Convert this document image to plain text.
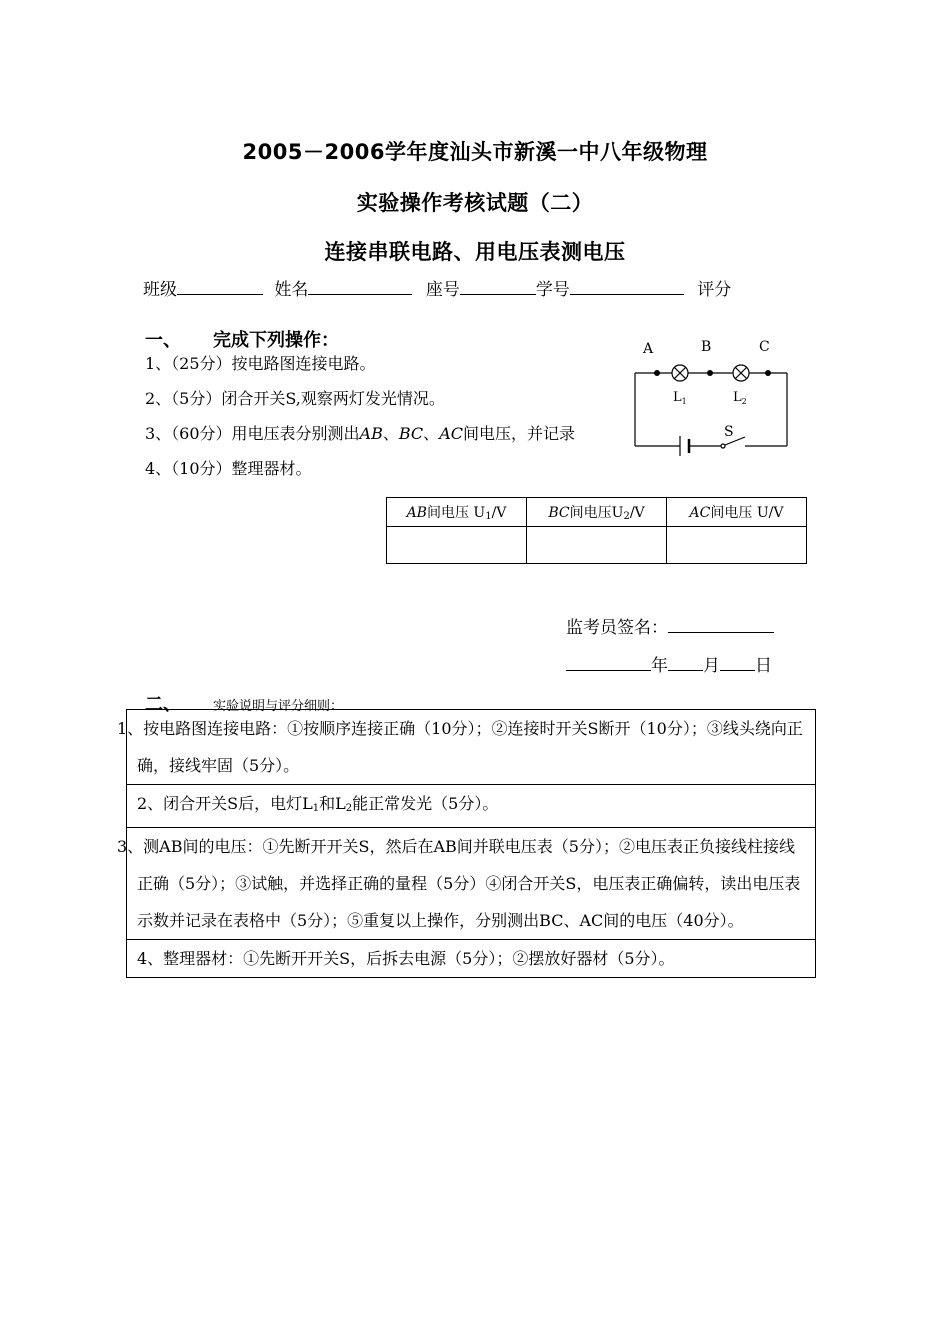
2005－2006学年度汕头市新溪一中八年级物理
实验操作考核试题（二）
连接串联电路、用电压表测电压
班级	姓名	座号	学号	评分
一、 完成下列操作：
1、（25分）按电路图连接电路。
2、（5分）闭合开关S,观察两灯发光情况。
3、（60分）用电压表分别测出AB、BC、AC间电压，并记录
4、（10分）整理器材。
A	B	C
$L_1$	$L_2$
S
AB间电压 $U_1/V$	BC间电压$U_2/V$	AC间电压 U/V

监考员签名：
年 月 日
二、 实验说明与评分细则：
1、按电路图连接电路：①按顺序连接正确（10分）；②连接时开关S断开（10分）；③线头绕向正确，接线牢固（5分）。
2、闭合开关S后，电灯$L_1$和$L_2$能正常发光（5分）。
3、测AB间的电压：①先断开开关S，然后在AB间并联电压表（5分）；②电压表正负接线柱接线正确（5分）；③试触，并选择正确的量程（5分）④闭合开关S，电压表正确偏转，读出电压表示数并记录在表格中（5分）；⑤重复以上操作，分别测出BC、AC间的电压（40分）。
4、整理器材：①先断开开关S，后拆去电源（5分）；②摆放好器材（5分）。
